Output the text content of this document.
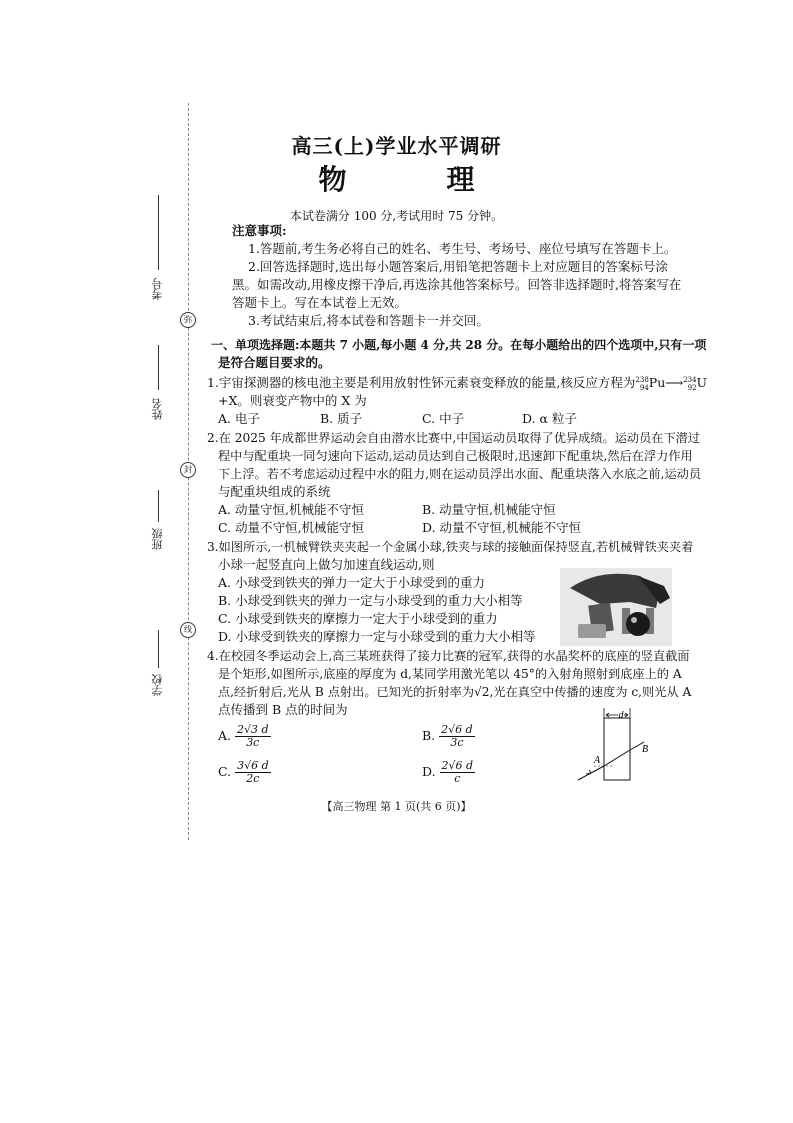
弥
封
线
考号
姓名
班级
学校
高三(上)学业水平调研
物　理
本试卷满分 100 分,考试用时 75 分钟。
注意事项:
1.答题前,考生务必将自己的姓名、考生号、考场号、座位号填写在答题卡上。
2.回答选择题时,选出每小题答案后,用铅笔把答题卡上对应题目的答案标号涂
黑。如需改动,用橡皮擦干净后,再选涂其他答案标号。回答非选择题时,将答案写在
答题卡上。写在本试卷上无效。
3.考试结束后,将本试卷和答题卡一并交回。
一、单项选择题:本题共 7 小题,每小题 4 分,共 28 分。在每小题给出的四个选项中,只有一项
是符合题目要求的。
1.宇宙探测器的核电池主要是利用放射性钚元素衰变释放的能量,核反应方程为 238
94 Pu⟶ 234
92 U
+X。则衰变产物中的 X 为
A. 电子	B. 质子	C. 中子	D. α 粒子
2.在 2025 年成都世界运动会自由潜水比赛中,中国运动员取得了优异成绩。运动员在下潜过
程中与配重块一同匀速向下运动,运动员达到自己极限时,迅速卸下配重块,然后在浮力作用
下上浮。若不考虑运动过程中水的阻力,则在运动员浮出水面、配重块落入水底之前,运动员
与配重块组成的系统
A. 动量守恒,机械能不守恒	B. 动量守恒,机械能守恒
C. 动量不守恒,机械能守恒	D. 动量不守恒,机械能不守恒
3.如图所示,一机械臂铁夹夹起一个金属小球,铁夹与球的接触面保持竖直,若机械臂铁夹夹着
小球一起竖直向上做匀加速直线运动,则
A. 小球受到铁夹的弹力一定大于小球受到的重力
B. 小球受到铁夹的弹力一定与小球受到的重力大小相等
C. 小球受到铁夹的摩擦力一定大于小球受到的重力
D. 小球受到铁夹的摩擦力一定与小球受到的重力大小相等
4.在校园冬季运动会上,高三某班获得了接力比赛的冠军,获得的水晶奖杯的底座的竖直截面
是个矩形,如图所示,底座的厚度为 d,某同学用激光笔以 45°的入射角照射到底座上的 A
点,经折射后,光从 B 点射出。已知光的折射率为√2,光在真空中传播的速度为 c,则光从 A
点传播到 B 点的时间为
A. $\frac{2√3 d}{3c}$	B. $\frac{2√6 d}{3c}$
C. $\frac{3√6 d}{2c}$	D. $\frac{2√6 d}{c}$
d
A
B
【高三物理 第 1 页(共 6 页)】
